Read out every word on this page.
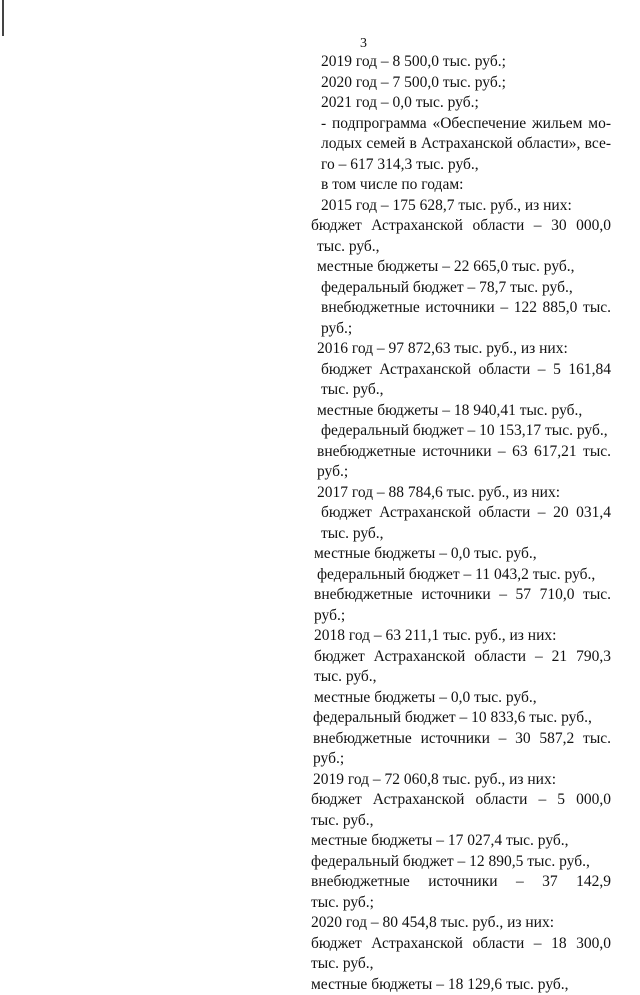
3
2019 год – 8 500,0 тыс. руб.;
2020 год – 7 500,0 тыс. руб.;
2021 год – 0,0 тыс. руб.;
- подпрограмма «Обеспечение жильем мо-
лодых семей в Астраханской области», все-
го – 617 314,3 тыс. руб.,
в том числе по годам:
2015 год – 175 628,7 тыс. руб., из них:
бюджет Астраханской области – 30 000,0
тыс. руб.,
местные бюджеты – 22 665,0 тыс. руб.,
федеральный бюджет – 78,7 тыс. руб.,
внебюджетные источники – 122 885,0 тыс.
руб.;
2016 год – 97 872,63 тыс. руб., из них:
бюджет Астраханской области – 5 161,84
тыс. руб.,
местные бюджеты – 18 940,41 тыс. руб.,
федеральный бюджет – 10 153,17 тыс. руб.,
внебюджетные источники – 63 617,21 тыс.
руб.;
2017 год – 88 784,6 тыс. руб., из них:
бюджет Астраханской области – 20 031,4
тыс. руб.,
местные бюджеты – 0,0 тыс. руб.,
федеральный бюджет – 11 043,2 тыс. руб.,
внебюджетные источники – 57 710,0 тыс.
руб.;
2018 год – 63 211,1 тыс. руб., из них:
бюджет Астраханской области – 21 790,3
тыс. руб.,
местные бюджеты – 0,0 тыс. руб.,
федеральный бюджет – 10 833,6 тыс. руб.,
внебюджетные источники – 30 587,2 тыс.
руб.;
2019 год – 72 060,8 тыс. руб., из них:
бюджет Астраханской области – 5 000,0
тыс. руб.,
местные бюджеты – 17 027,4 тыс. руб.,
федеральный бюджет – 12 890,5 тыс. руб.,
внебюджетные источники – 37 142,9
тыс. руб.;
2020 год – 80 454,8 тыс. руб., из них:
бюджет Астраханской области – 18 300,0
тыс. руб.,
местные бюджеты – 18 129,6 тыс. руб.,
